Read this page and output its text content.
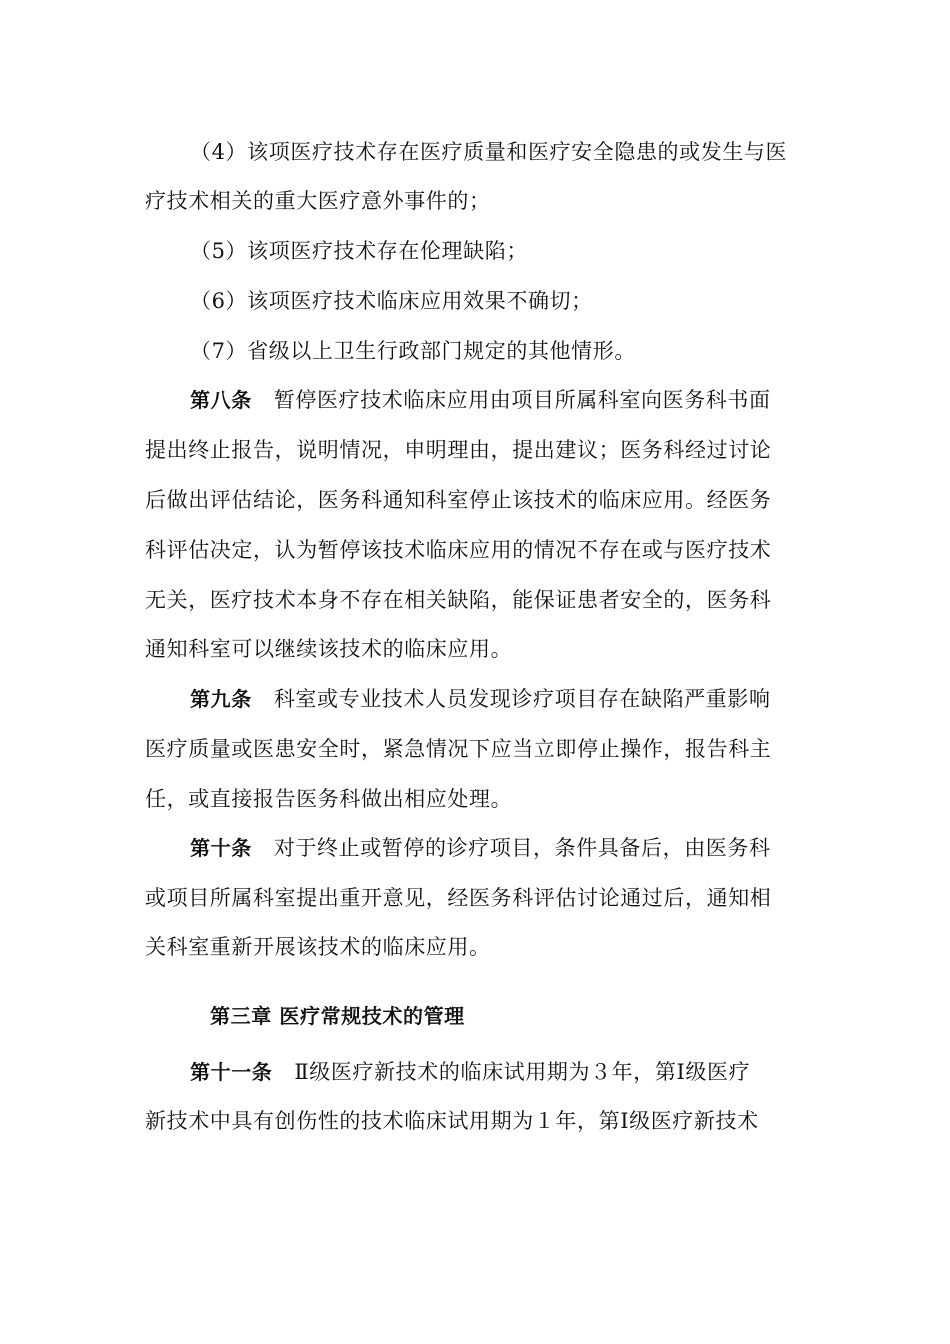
（4）该项医疗技术存在医疗质量和医疗安全隐患的或发生与医
疗技术相关的重大医疗意外事件的；
（5）该项医疗技术存在伦理缺陷；
（6）该项医疗技术临床应用效果不确切；
（7）省级以上卫生行政部门规定的其他情形。
第八条 暂停医疗技术临床应用由项目所属科室向医务科书面
提出终止报告，说明情况，申明理由，提出建议；医务科经过讨论
后做出评估结论，医务科通知科室停止该技术的临床应用。经医务
科评估决定，认为暂停该技术临床应用的情况不存在或与医疗技术
无关，医疗技术本身不存在相关缺陷，能保证患者安全的，医务科
通知科室可以继续该技术的临床应用。
第九条 科室或专业技术人员发现诊疗项目存在缺陷严重影响
医疗质量或医患安全时，紧急情况下应当立即停止操作，报告科主
任，或直接报告医务科做出相应处理。
第十条 对于终止或暂停的诊疗项目，条件具备后，由医务科
或项目所属科室提出重开意见，经医务科评估讨论通过后，通知相
关科室重新开展该技术的临床应用。
第三章 医疗常规技术的管理
第十一条 Ⅱ级医疗新技术的临床试用期为３年，第Ⅰ级医疗
新技术中具有创伤性的技术临床试用期为１年，第Ⅰ级医疗新技术
